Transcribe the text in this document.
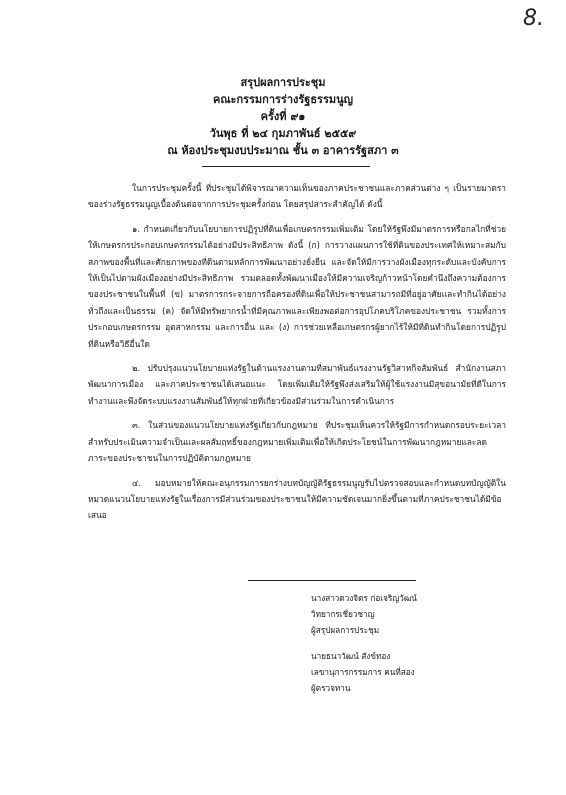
8.
สรุปผลการประชุม
คณะกรรมการร่างรัฐธรรมนูญ
ครั้งที่ ๙๑
วันพุธ ที่ ๒๔ กุมภาพันธ์ ๒๕๕๙
ณ ห้องประชุมงบประมาณ ชั้น ๓ อาคารรัฐสภา ๓

ในการประชุมครั้งนี้ ที่ประชุมได้พิจารณาความเห็นของภาคประชาชนและภาคส่วนต่าง ๆ เป็นรายมาตราของร่างรัฐธรรมนูญเบื้องต้นต่อจากการประชุมครั้งก่อน โดยสรุปสาระสำคัญได้ ดังนี้

๑. กำหนดเกี่ยวกับนโยบายการปฏิรูปที่ดินเพื่อเกษตรกรรมเพิ่มเติม โดยให้รัฐพึงมีมาตรการหรือกลไกที่ช่วยให้เกษตรกรประกอบเกษตรกรรมได้อย่างมีประสิทธิภาพ ดังนี้ (ก) การวางแผนการใช้ที่ดินของประเทศให้เหมาะสมกับสภาพของพื้นที่และศักยภาพของที่ดินตามหลักการพัฒนาอย่างยั่งยืน และจัดให้มีการวางผังเมืองทุกระดับและบังคับการให้เป็นไปตามผังเมืองอย่างมีประสิทธิภาพ รวมตลอดทั้งพัฒนาเมืองให้มีความเจริญก้าวหน้าโดยคำนึงถึงความต้องการของประชาชนในพื้นที่ (ข) มาตรการกระจายการถือครองที่ดินเพื่อให้ประชาชนสามารถมีที่อยู่อาศัยและทำกินได้อย่างทั่วถึงและเป็นธรรม (ค) จัดให้มีทรัพยากรน้ำที่มีคุณภาพและเพียงพอต่อการอุปโภคบริโภคของประชาชน รวมทั้งการประกอบเกษตรกรรม อุตสาหกรรม และการอื่น และ (ง) การช่วยเหลือเกษตรกรผู้ยากไร้ให้มีที่ดินทำกินโดยการปฏิรูปที่ดินหรือวิธีอื่นใด

๒. ปรับปรุงแนวนโยบายแห่งรัฐในด้านแรงงานตามที่สมาพันธ์แรงงานรัฐวิสาหกิจสัมพันธ์ สำนักงานสภาพัฒนาการเมือง และภาคประชาชนได้เสนอแนะ โดยเพิ่มเติมให้รัฐพึงส่งเสริมให้ผู้ใช้แรงงานมีสุขอนามัยที่ดีในการทำงานและพึงจัดระบบแรงงานสัมพันธ์ให้ทุกฝ่ายที่เกี่ยวข้องมีส่วนร่วมในการดำเนินการ

๓. ในส่วนของแนวนโยบายแห่งรัฐเกี่ยวกับกฎหมาย ที่ประชุมเห็นควรให้รัฐมีการกำหนดกรอบระยะเวลาสำหรับประเมินความจำเป็นและผลสัมฤทธิ์ของกฎหมายเพิ่มเติมเพื่อให้เกิดประโยชน์ในการพัฒนากฎหมายและลดภาระของประชาชนในการปฏิบัติตามกฎหมาย

๔. มอบหมายให้คณะอนุกรรมการยกร่างบทบัญญัติรัฐธรรมนูญรับไปตรวจสอบและกำหนดบทบัญญัติในหมวดแนวนโยบายแห่งรัฐในเรื่องการมีส่วนร่วมของประชาชนให้มีความชัดเจนมากยิ่งขึ้นตามที่ภาคประชาชนได้มีข้อเสนอ

นางสาวดวงจิตร ก่อเจริญวัฒน์
วิทยากรเชี่ยวชาญ
ผู้สรุปผลการประชุม
นายธนาวัฒน์ สังข์ทอง
เลขานุการกรรมการ คนที่สอง
ผู้ตรวจทาน
